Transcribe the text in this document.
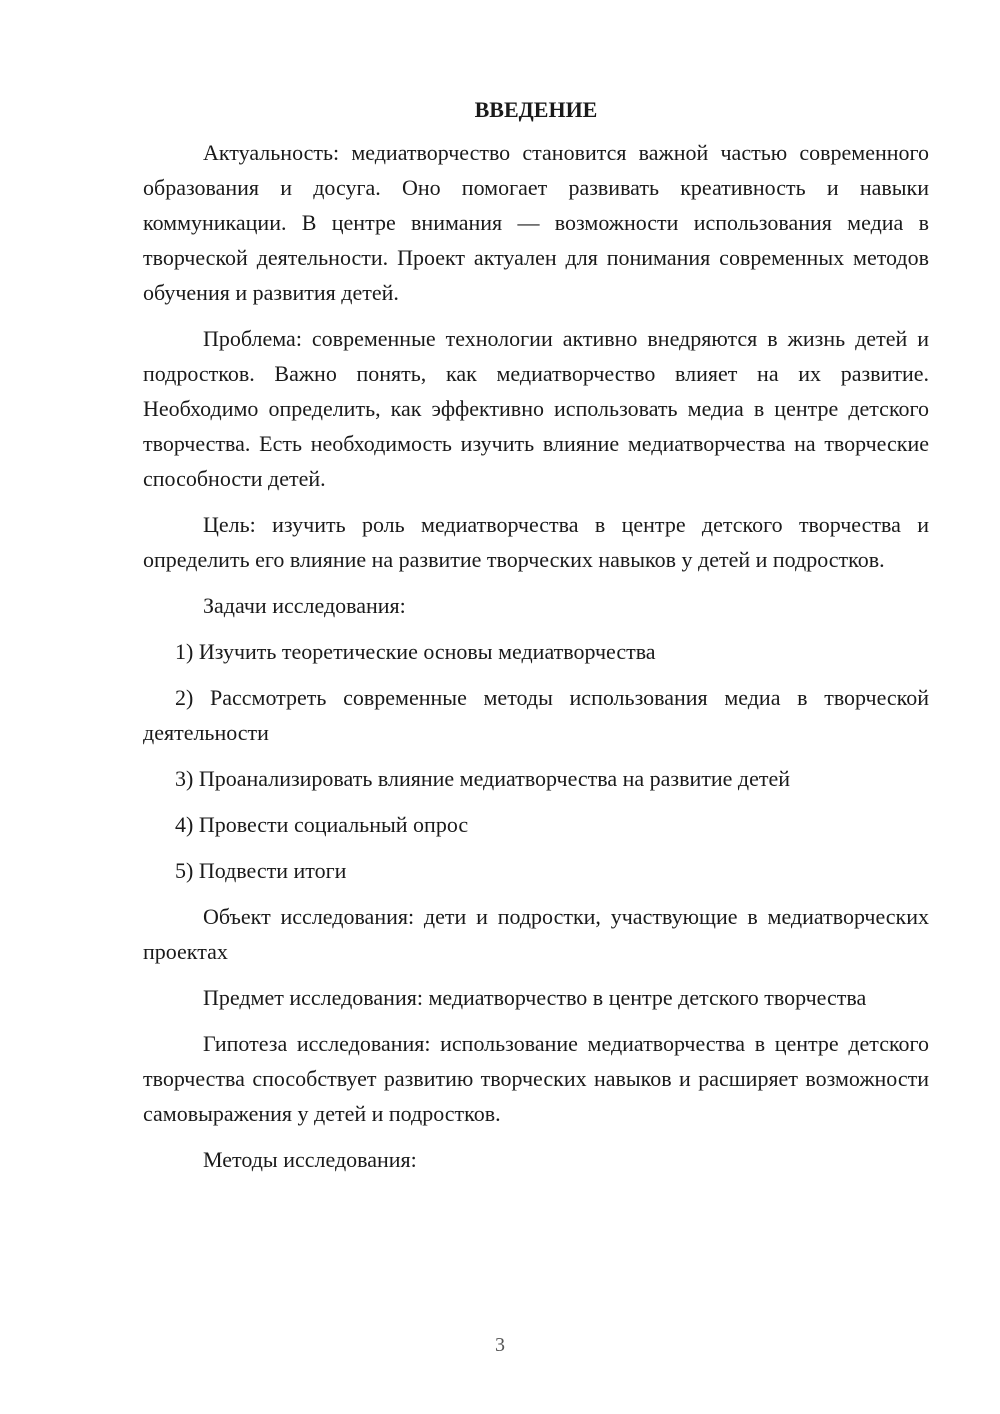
ВВЕДЕНИЕ

Актуальность: медиатворчество становится важной частью современного образования и досуга. Оно помогает развивать креативность и навыки коммуникации. В центре внимания — возможности использования медиа в творческой деятельности. Проект актуален для понимания современных методов обучения и развития детей.

Проблема: современные технологии активно внедряются в жизнь детей и подростков. Важно понять, как медиатворчество влияет на их развитие. Необходимо определить, как эффективно использовать медиа в центре детского творчества. Есть необходимость изучить влияние медиатворчества на творческие способности детей.

Цель: изучить роль медиатворчества в центре детского творчества и определить его влияние на развитие творческих навыков у детей и подростков.

Задачи исследования:

1) Изучить теоретические основы медиатворчества

2) Рассмотреть современные методы использования медиа в творческой деятельности

3) Проанализировать влияние медиатворчества на развитие детей

4) Провести социальный опрос

5) Подвести итоги

Объект исследования: дети и подростки, участвующие в медиатворческих проектах

Предмет исследования: медиатворчество в центре детского творчества

Гипотеза исследования: использование медиатворчества в центре детского творчества способствует развитию творческих навыков и расширяет возможности самовыражения у детей и подростков.

Методы исследования:

3
